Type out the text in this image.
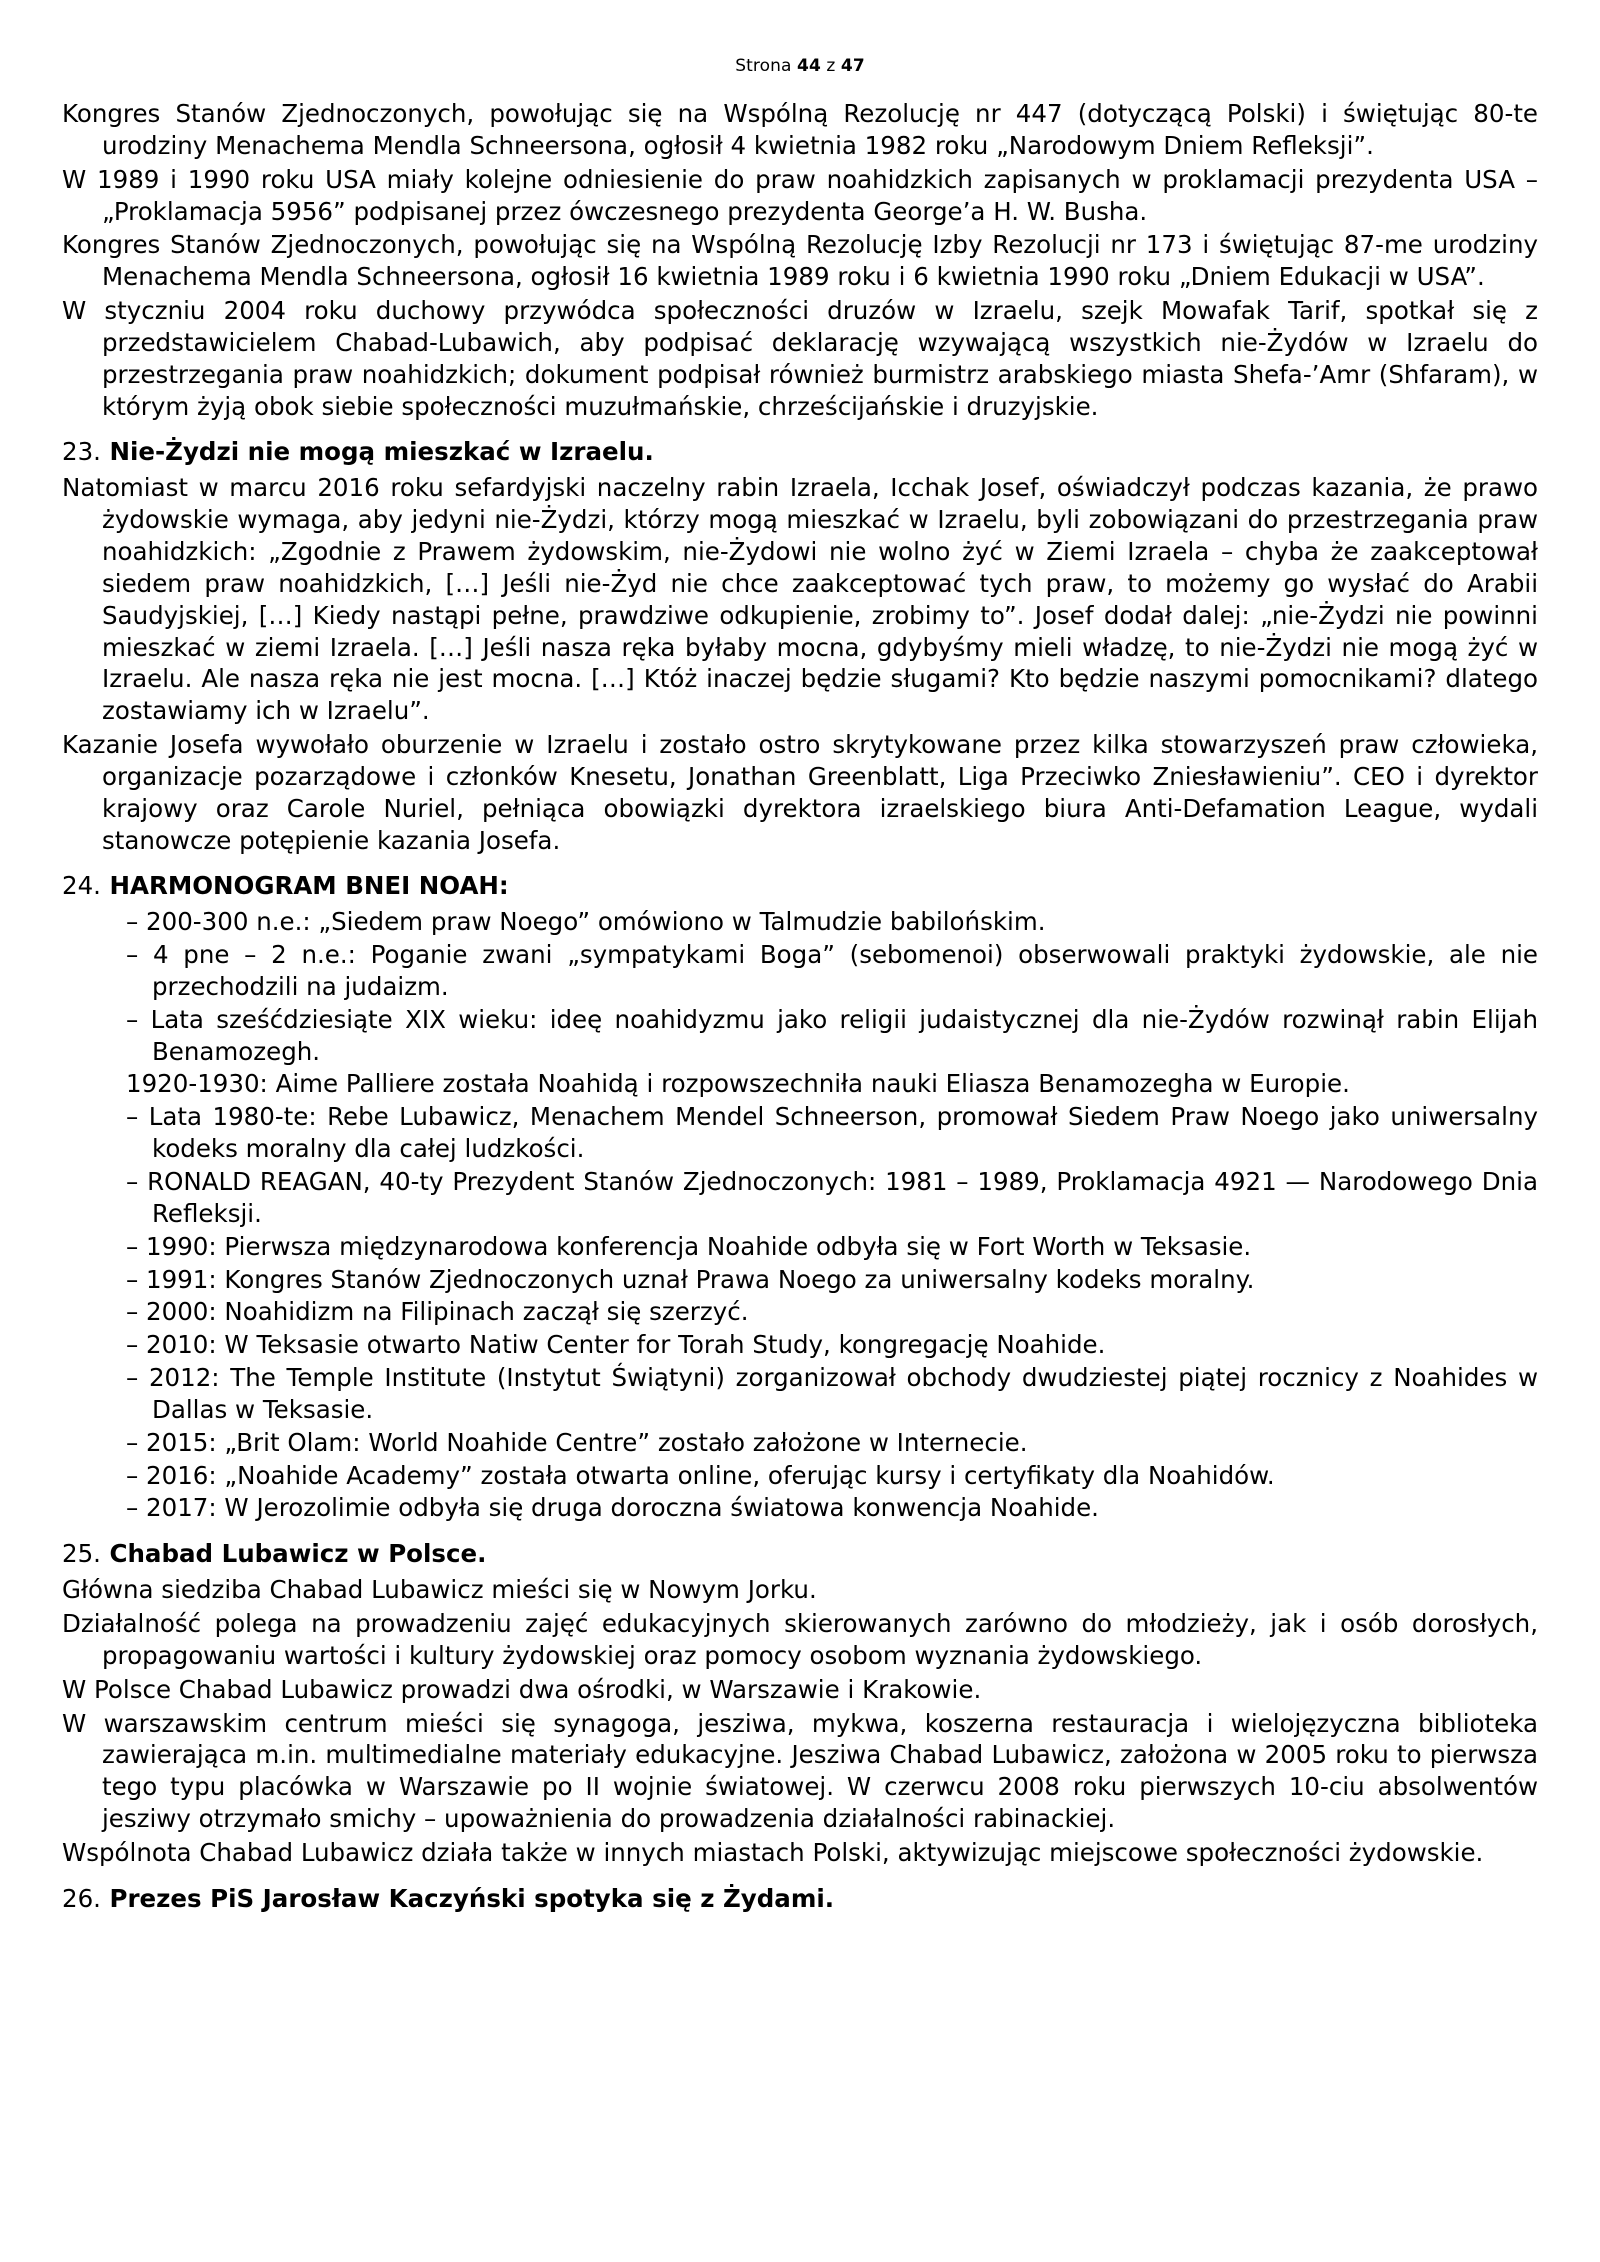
Strona 44 z 47

Kongres Stanów Zjednoczonych, powołując się na Wspólną Rezolucję nr 447 (dotyczącą Polski) i świętując 80-te urodziny Menachema Mendla Schneersona, ogłosił 4 kwietnia 1982 roku „Narodowym Dniem Refleksji”.

W 1989 i 1990 roku USA miały kolejne odniesienie do praw noahidzkich zapisanych w proklamacji prezydenta USA – „Proklamacja 5956” podpisanej przez ówczesnego prezydenta George’a H. W. Busha.

Kongres Stanów Zjednoczonych, powołując się na Wspólną Rezolucję Izby Rezolucji nr 173 i świętując 87-me urodziny Menachema Mendla Schneersona, ogłosił 16 kwietnia 1989 roku i 6 kwietnia 1990 roku „Dniem Edukacji w USA”.

W styczniu 2004 roku duchowy przywódca społeczności druzów w Izraelu, szejk Mowafak Tarif, spotkał się z przedstawicielem Chabad-Lubawich, aby podpisać deklarację wzywającą wszystkich nie-Żydów w Izraelu do przestrzegania praw noahidzkich; dokument podpisał również burmistrz arabskiego miasta Shefa-’Amr (Shfaram), w którym żyją obok siebie społeczności muzułmańskie, chrześcijańskie i druzyjskie.

23. Nie-Żydzi nie mogą mieszkać w Izraelu.

Natomiast w marcu 2016 roku sefardyjski naczelny rabin Izraela, Icchak Josef, oświadczył podczas kazania, że prawo żydowskie wymaga, aby jedyni nie-Żydzi, którzy mogą mieszkać w Izraelu, byli zobowiązani do przestrzegania praw noahidzkich: „Zgodnie z Prawem żydowskim, nie-Żydowi nie wolno żyć w Ziemi Izraela – chyba że zaakceptował siedem praw noahidzkich, […] Jeśli nie-Żyd nie chce zaakceptować tych praw, to możemy go wysłać do Arabii Saudyjskiej, […] Kiedy nastąpi pełne, prawdziwe odkupienie, zrobimy to”. Josef dodał dalej: „nie-Żydzi nie powinni mieszkać w ziemi Izraela. […] Jeśli nasza ręka byłaby mocna, gdybyśmy mieli władzę, to nie-Żydzi nie mogą żyć w Izraelu. Ale nasza ręka nie jest mocna. […] Któż inaczej będzie sługami? Kto będzie naszymi pomocnikami? dlatego zostawiamy ich w Izraelu”.

Kazanie Josefa wywołało oburzenie w Izraelu i zostało ostro skrytykowane przez kilka stowarzyszeń praw człowieka, organizacje pozarządowe i członków Knesetu, Jonathan Greenblatt, Liga Przeciwko Zniesławieniu”. CEO i dyrektor krajowy oraz Carole Nuriel, pełniąca obowiązki dyrektora izraelskiego biura Anti-Defamation League, wydali stanowcze potępienie kazania Josefa.

24. HARMONOGRAM BNEI NOAH:
– 200-300 n.e.: „Siedem praw Noego” omówiono w Talmudzie babilońskim.
– 4 pne – 2 n.e.: Poganie zwani „sympatykami Boga” (sebomenoi) obserwowali praktyki żydowskie, ale nie przechodzili na judaizm.
– Lata sześćdziesiąte XIX wieku: ideę noahidyzmu jako religii judaistycznej dla nie-Żydów rozwinął rabin Elijah Benamozegh.
1920-1930: Aime Palliere została Noahidą i rozpowszechniła nauki Eliasza Benamozegha w Europie.
– Lata 1980-te: Rebe Lubawicz, Menachem Mendel Schneerson, promował Siedem Praw Noego jako uniwersalny kodeks moralny dla całej ludzkości.
– RONALD REAGAN, 40-ty Prezydent Stanów Zjednoczonych: 1981 – 1989, Proklamacja 4921 — Narodowego Dnia Refleksji.
– 1990: Pierwsza międzynarodowa konferencja Noahide odbyła się w Fort Worth w Teksasie.
– 1991: Kongres Stanów Zjednoczonych uznał Prawa Noego za uniwersalny kodeks moralny.
– 2000: Noahidizm na Filipinach zaczął się szerzyć.
– 2010: W Teksasie otwarto Natiw Center for Torah Study, kongregację Noahide.
– 2012: The Temple Institute (Instytut Świątyni) zorganizował obchody dwudziestej piątej rocznicy z Noahides w Dallas w Teksasie.
– 2015: „Brit Olam: World Noahide Centre” zostało założone w Internecie.
– 2016: „Noahide Academy” została otwarta online, oferując kursy i certyfikaty dla Noahidów.
– 2017: W Jerozolimie odbyła się druga doroczna światowa konwencja Noahide.
25. Chabad Lubawicz w Polsce.

Główna siedziba Chabad Lubawicz mieści się w Nowym Jorku.

Działalność polega na prowadzeniu zajęć edukacyjnych skierowanych zarówno do młodzieży, jak i osób dorosłych, propagowaniu wartości i kultury żydowskiej oraz pomocy osobom wyznania żydowskiego.

W Polsce Chabad Lubawicz prowadzi dwa ośrodki, w Warszawie i Krakowie.

W warszawskim centrum mieści się synagoga, jesziwa, mykwa, koszerna restauracja i wielojęzyczna biblioteka zawierająca m.in. multimedialne materiały edukacyjne. Jesziwa Chabad Lubawicz, założona w 2005 roku to pierwsza tego typu placówka w Warszawie po II wojnie światowej. W czerwcu 2008 roku pierwszych 10-ciu absolwentów jesziwy otrzymało smichy – upoważnienia do prowadzenia działalności rabinackiej.

Wspólnota Chabad Lubawicz działa także w innych miastach Polski, aktywizując miejscowe społeczności żydowskie.

26. Prezes PiS Jarosław Kaczyński spotyka się z Żydami.
